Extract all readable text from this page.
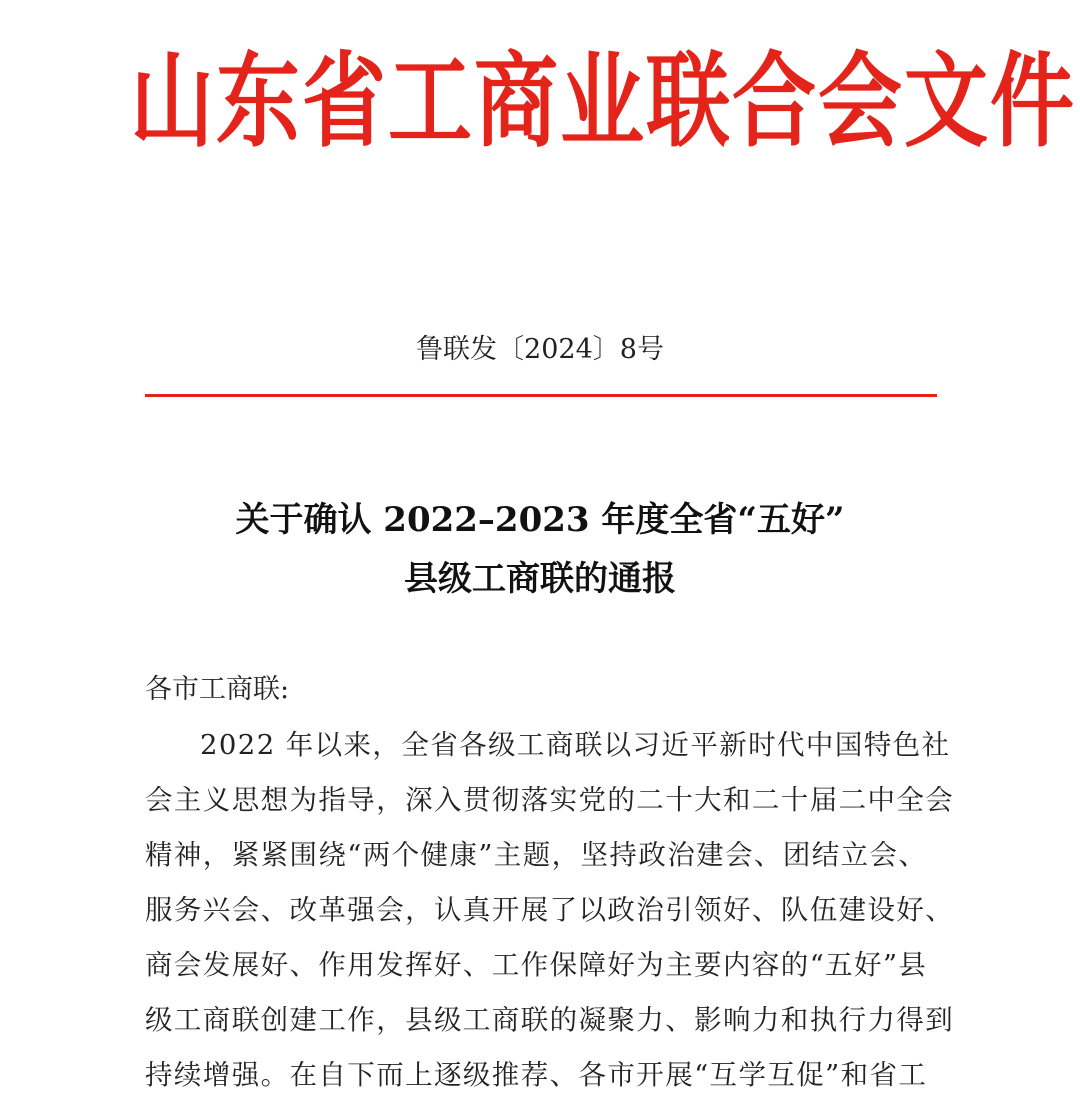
山东省工商业联合会文件
鲁联发〔2024〕8号
关于确认 2022–2023 年度全省“五好”
县级工商联的通报
各市工商联:
2022 年以来，全省各级工商联以习近平新时代中国特色社
会主义思想为指导，深入贯彻落实党的二十大和二十届二中全会
精神，紧紧围绕“两个健康”主题，坚持政治建会、团结立会、
服务兴会、改革强会，认真开展了以政治引领好、队伍建设好、
商会发展好、作用发挥好、工作保障好为主要内容的“五好”县
级工商联创建工作，县级工商联的凝聚力、影响力和执行力得到
持续增强。在自下而上逐级推荐、各市开展“互学互促”和省工
